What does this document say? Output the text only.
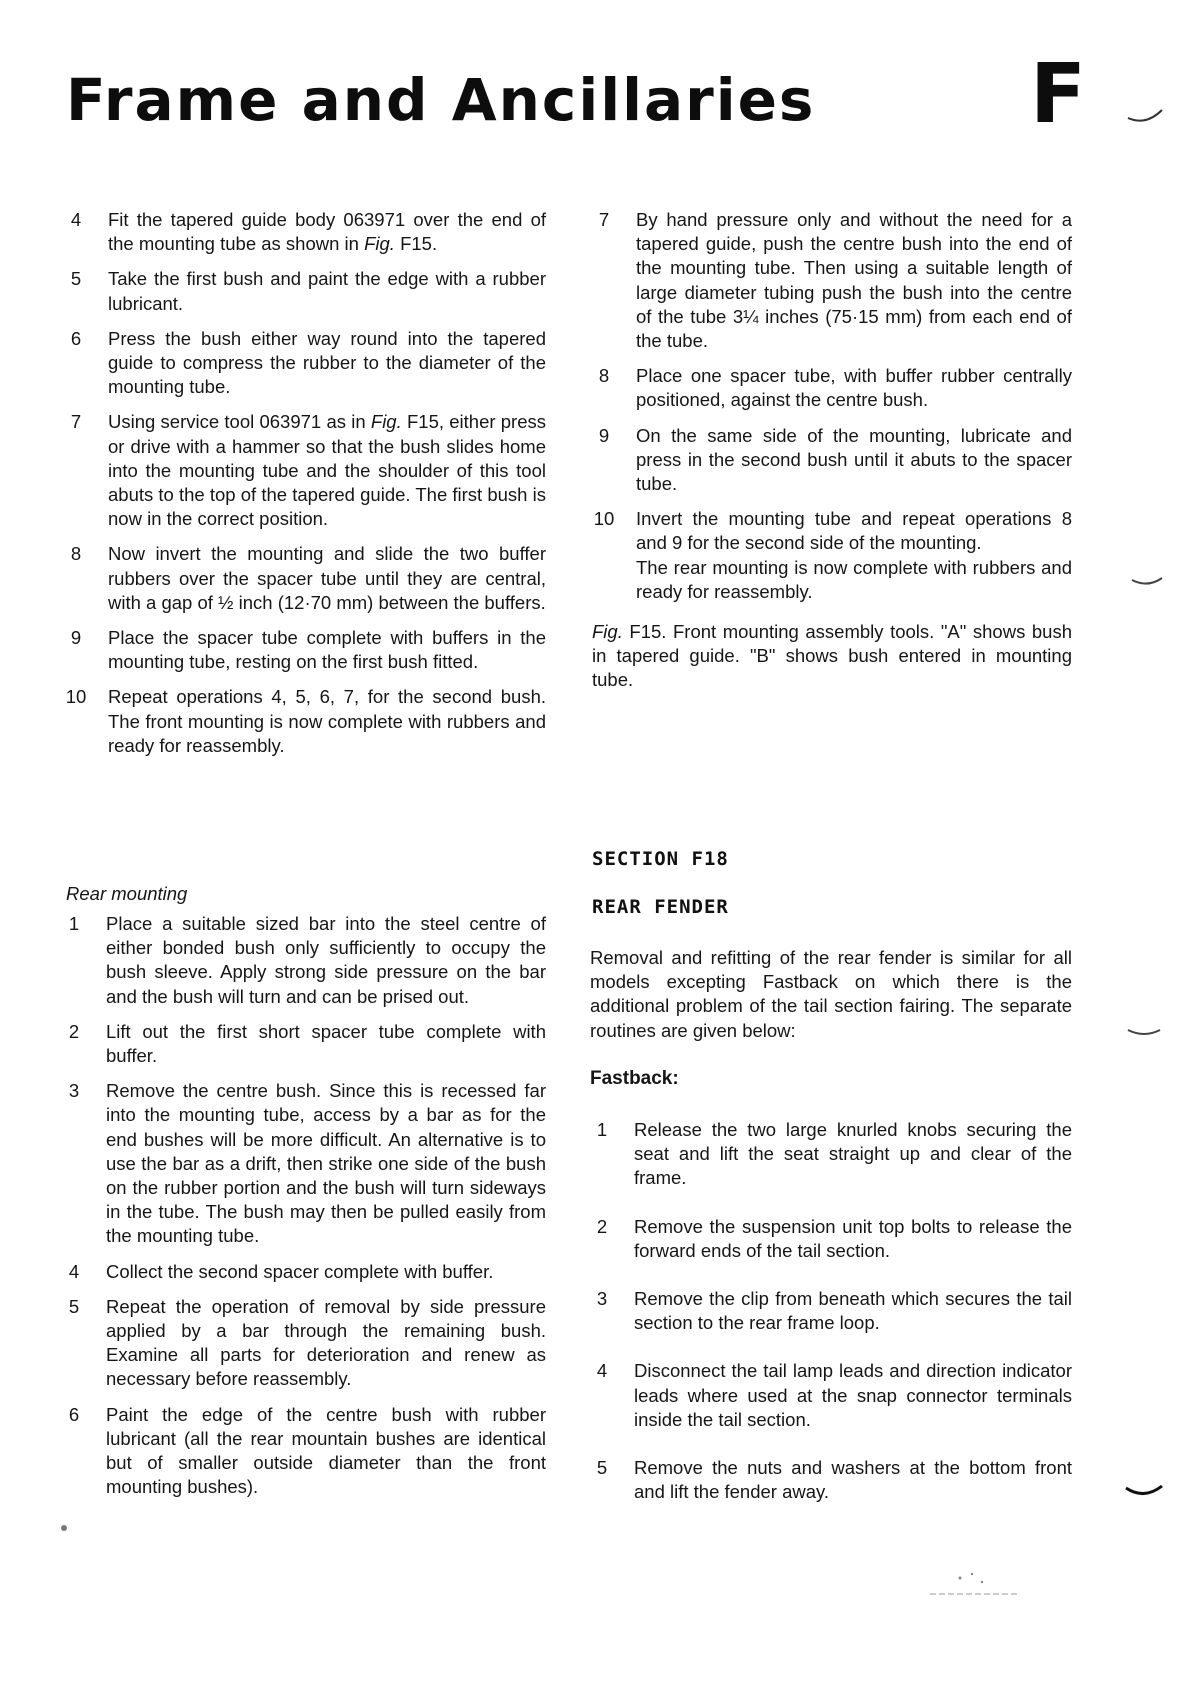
Frame and Ancillaries	F
4	Fit the tapered guide body 063971 over the end of the mounting tube as shown in Fig. F15.
5	Take the first bush and paint the edge with a rubber lubricant.
6	Press the bush either way round into the tapered guide to compress the rubber to the diameter of the mounting tube.
7	Using service tool 063971 as in Fig. F15, either press or drive with a hammer so that the bush slides home into the mounting tube and the shoulder of this tool abuts to the top of the tapered guide. The first bush is now in the correct position.
8	Now invert the mounting and slide the two buffer rubbers over the spacer tube until they are central, with a gap of ½ inch (12·70 mm) between the buffers.
9	Place the spacer tube complete with buffers in the mounting tube, resting on the first bush fitted.
10 Repeat operations 4, 5, 6, 7, for the second bush. The front mounting is now complete with rubbers and ready for reassembly.
7	By hand pressure only and without the need for a tapered guide, push the centre bush into the end of the mounting tube. Then using a suitable length of large diameter tubing push the bush into the centre of the tube 3¼ inches (75·15 mm) from each end of the tube.
8	Place one spacer tube, with buffer rubber centrally positioned, against the centre bush.
9	On the same side of the mounting, lubricate and press in the second bush until it abuts to the spacer tube.
10 Invert the mounting tube and repeat operations 8 and 9 for the second side of the mounting.
The rear mounting is now complete with rubbers and ready for reassembly.

Fig. F15. Front mounting assembly tools. "A" shows bush in tapered guide. "B" shows bush entered in mounting tube.

Rear mounting
1	Place a suitable sized bar into the steel centre of either bonded bush only sufficiently to occupy the bush sleeve. Apply strong side pressure on the bar and the bush will turn and can be prised out.
2	Lift out the first short spacer tube complete with buffer.
3	Remove the centre bush. Since this is recessed far into the mounting tube, access by a bar as for the end bushes will be more difficult. An alternative is to use the bar as a drift, then strike one side of the bush on the rubber portion and the bush will turn sideways in the tube. The bush may then be pulled easily from the mounting tube.
4	Collect the second spacer complete with buffer.
5	Repeat the operation of removal by side pressure applied by a bar through the remaining bush. Examine all parts for deterioration and renew as necessary before reassembly.
6	Paint the edge of the centre bush with rubber lubricant (all the rear mountain bushes are identical but of smaller outside diameter than the front mounting bushes).
SECTION F18
REAR FENDER

Removal and refitting of the rear fender is similar for all models excepting Fastback on which there is the additional problem of the tail section fairing. The separate routines are given below:

Fastback:
1	Release the two large knurled knobs securing the seat and lift the seat straight up and clear of the frame.
2	Remove the suspension unit top bolts to release the forward ends of the tail section.
3	Remove the clip from beneath which secures the tail section to the rear frame loop.
4	Disconnect the tail lamp leads and direction indicator leads where used at the snap connector terminals inside the tail section.
5	Remove the nuts and washers at the bottom front and lift the fender away.
